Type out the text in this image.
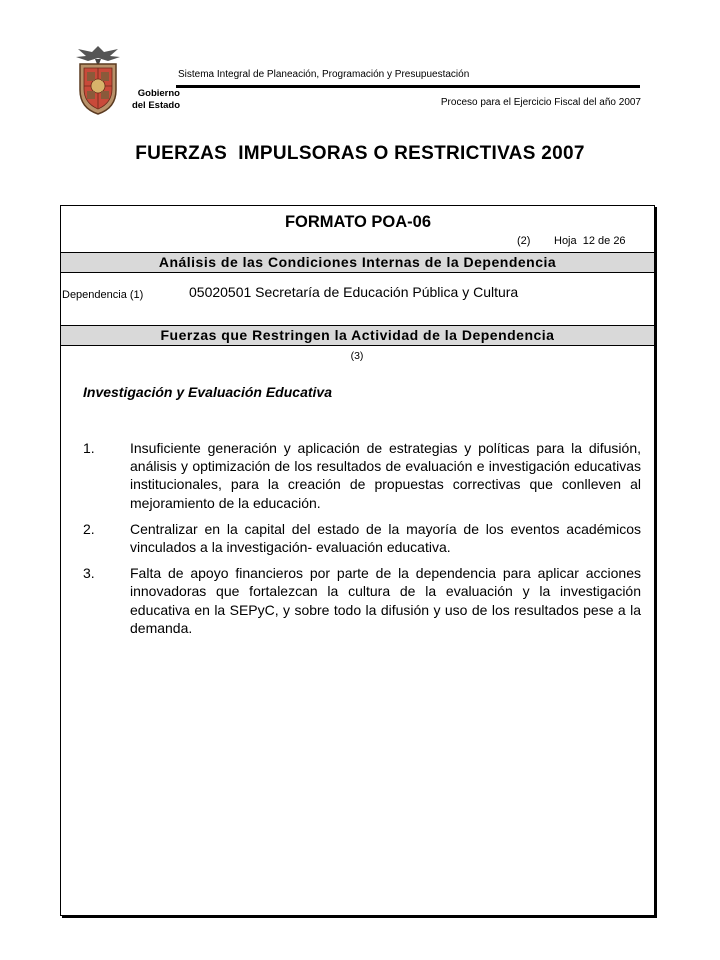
Gobierno
del Estado
Sistema Integral de Planeación, Programación y Presupuestación
Proceso para el Ejercicio Fiscal del año 2007
FUERZAS  IMPULSORAS O RESTRICTIVAS 2007
FORMATO POA-06
(2) Hoja  12 de 26
Análisis de las Condiciones Internas de la Dependencia
Dependencia (1)	05020501 Secretaría de Educación Pública y Cultura
Fuerzas que Restringen la Actividad de la Dependencia
(3)
Investigación y Evaluación Educativa
1.	Insuficiente generación y aplicación de estrategias y políticas para la difusión, análisis y optimización de los resultados de evaluación e investigación educativas institucionales, para la creación de propuestas correctivas que conlleven al mejoramiento de la educación.
2.	Centralizar en la capital del estado de la mayoría de los eventos académicos vinculados a la investigación- evaluación educativa.
3.	Falta de apoyo financieros por parte de la dependencia para aplicar acciones innovadoras que fortalezcan la cultura de la evaluación y la investigación educativa en la SEPyC, y sobre todo la difusión y uso de los resultados pese a la demanda.
